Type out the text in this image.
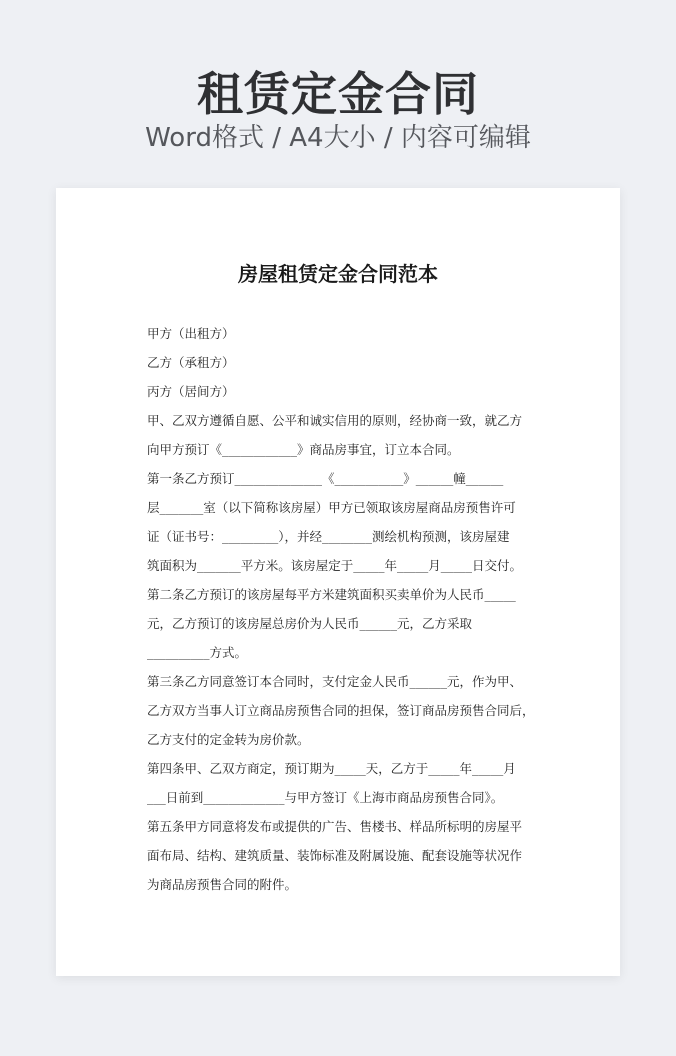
租赁定金合同
Word格式 / A4大小 / 内容可编辑
房屋租赁定金合同范本

甲方（出租方）

乙方（承租方）

丙方（居间方）

甲、乙双方遵循自愿、公平和诚实信用的原则，经协商一致，就乙方

向甲方预订《____________》商品房事宜，订立本合同。

第一条乙方预订______________《___________》______幢______

层_______室（以下简称该房屋）甲方已领取该房屋商品房预售许可

证（证书号：_________），并经________测绘机构预测，该房屋建

筑面积为_______平方米。该房屋定于_____年_____月_____日交付。

第二条乙方预订的该房屋每平方米建筑面积买卖单价为人民币_____

元，乙方预订的该房屋总房价为人民币______元，乙方采取

__________方式。

第三条乙方同意签订本合同时，支付定金人民币______元，作为甲、

乙方双方当事人订立商品房预售合同的担保，签订商品房预售合同后，

乙方支付的定金转为房价款。

第四条甲、乙双方商定，预订期为_____天，乙方于_____年_____月

___日前到_____________与甲方签订《上海市商品房预售合同》。

第五条甲方同意将发布或提供的广告、售楼书、样品所标明的房屋平

面布局、结构、建筑质量、装饰标准及附属设施、配套设施等状况作

为商品房预售合同的附件。
